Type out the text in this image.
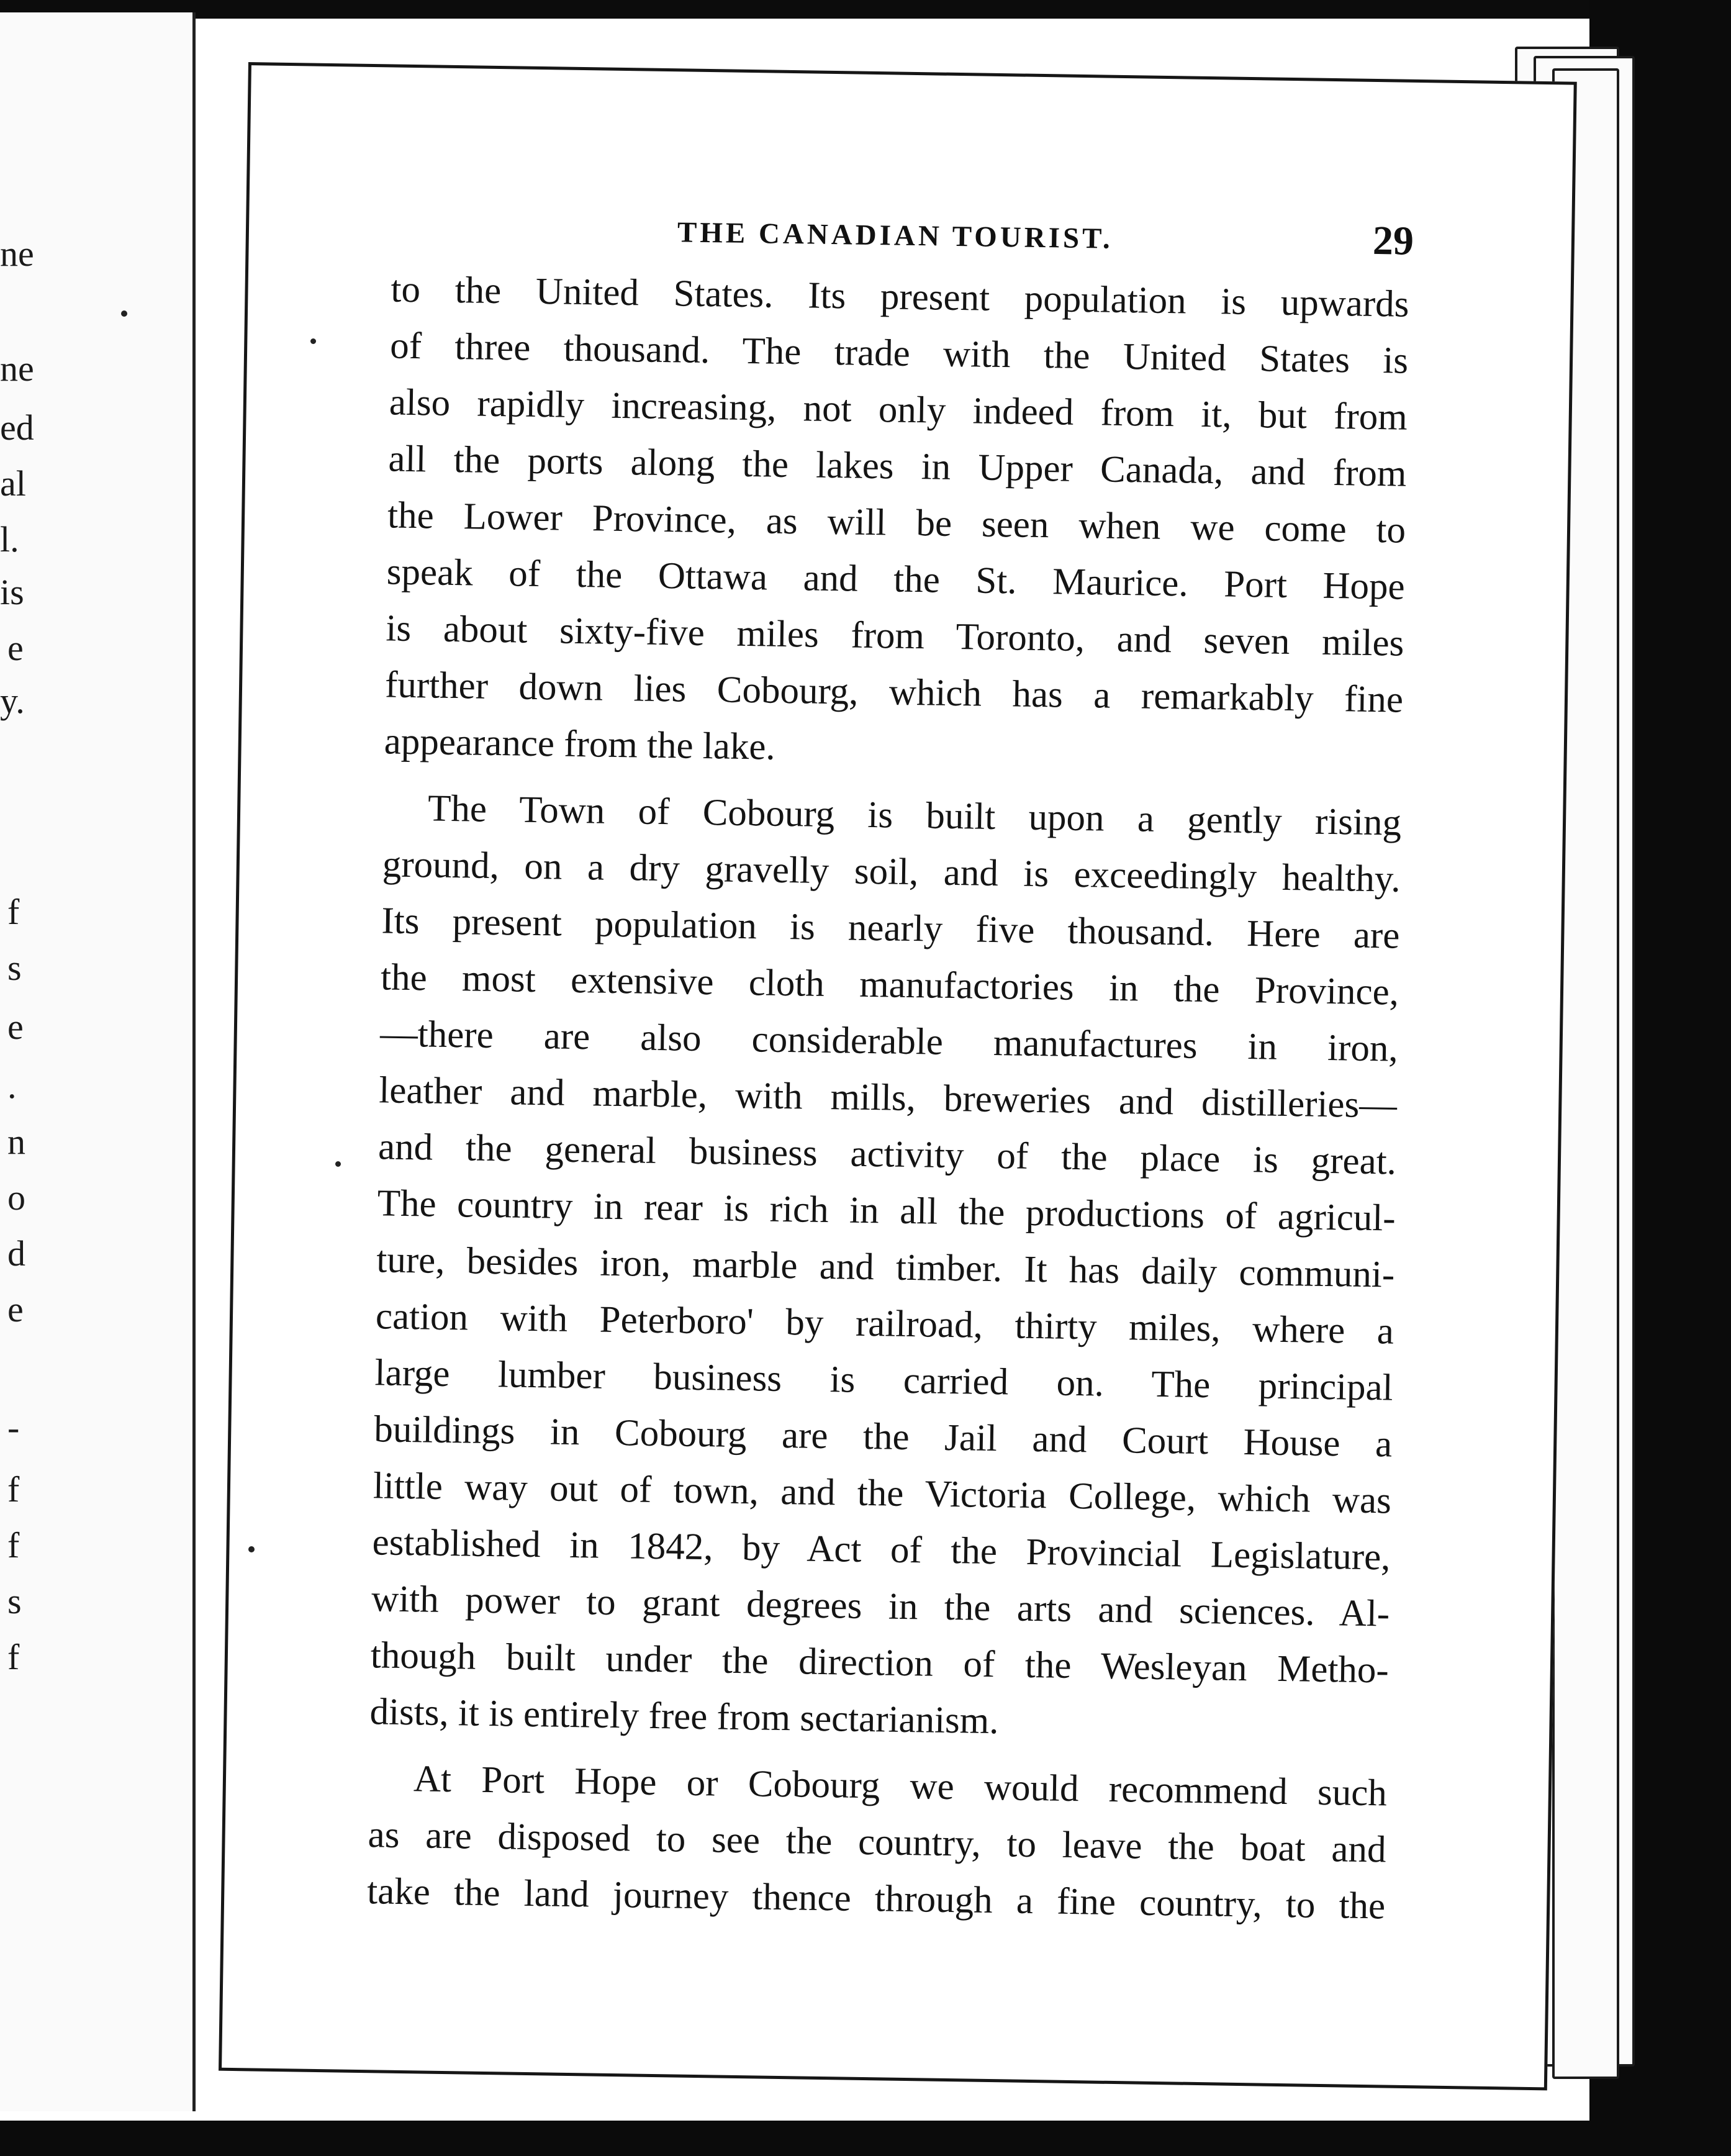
ne
ne
ed
al
l.
is
e
y.
f
s
e
.
n
o
d
e
-
f
f
s
f
THE CANADIAN TOURIST.	29
to the United States. Its present population is upwards
of three thousand. The trade with the United States is
also rapidly increasing, not only indeed from it, but from
all the ports along the lakes in Upper Canada, and from
the Lower Province, as will be seen when we come to
speak of the Ottawa and the St. Maurice. Port Hope
is about sixty-five miles from Toronto, and seven miles
further down lies Cobourg, which has a remarkably fine
appearance from the lake.
The Town of Cobourg is built upon a gently rising
ground, on a dry gravelly soil, and is exceedingly healthy.
Its present population is nearly five thousand. Here are
the most extensive cloth manufactories in the Province,
—there are also considerable manufactures in iron,
leather and marble, with mills, breweries and distilleries—
and the general business activity of the place is great.
The country in rear is rich in all the productions of agricul-
ture, besides iron, marble and timber. It has daily communi-
cation with Peterboro' by railroad, thirty miles, where a
large lumber business is carried on. The principal
buildings in Cobourg are the Jail and Court House a
little way out of town, and the Victoria College, which was
established in 1842, by Act of the Provincial Legislature,
with power to grant degrees in the arts and sciences. Al-
though built under the direction of the Wesleyan Metho-
dists, it is entirely free from sectarianism.
At Port Hope or Cobourg we would recommend such
as are disposed to see the country, to leave the boat and
take the land journey thence through a fine country, to the
